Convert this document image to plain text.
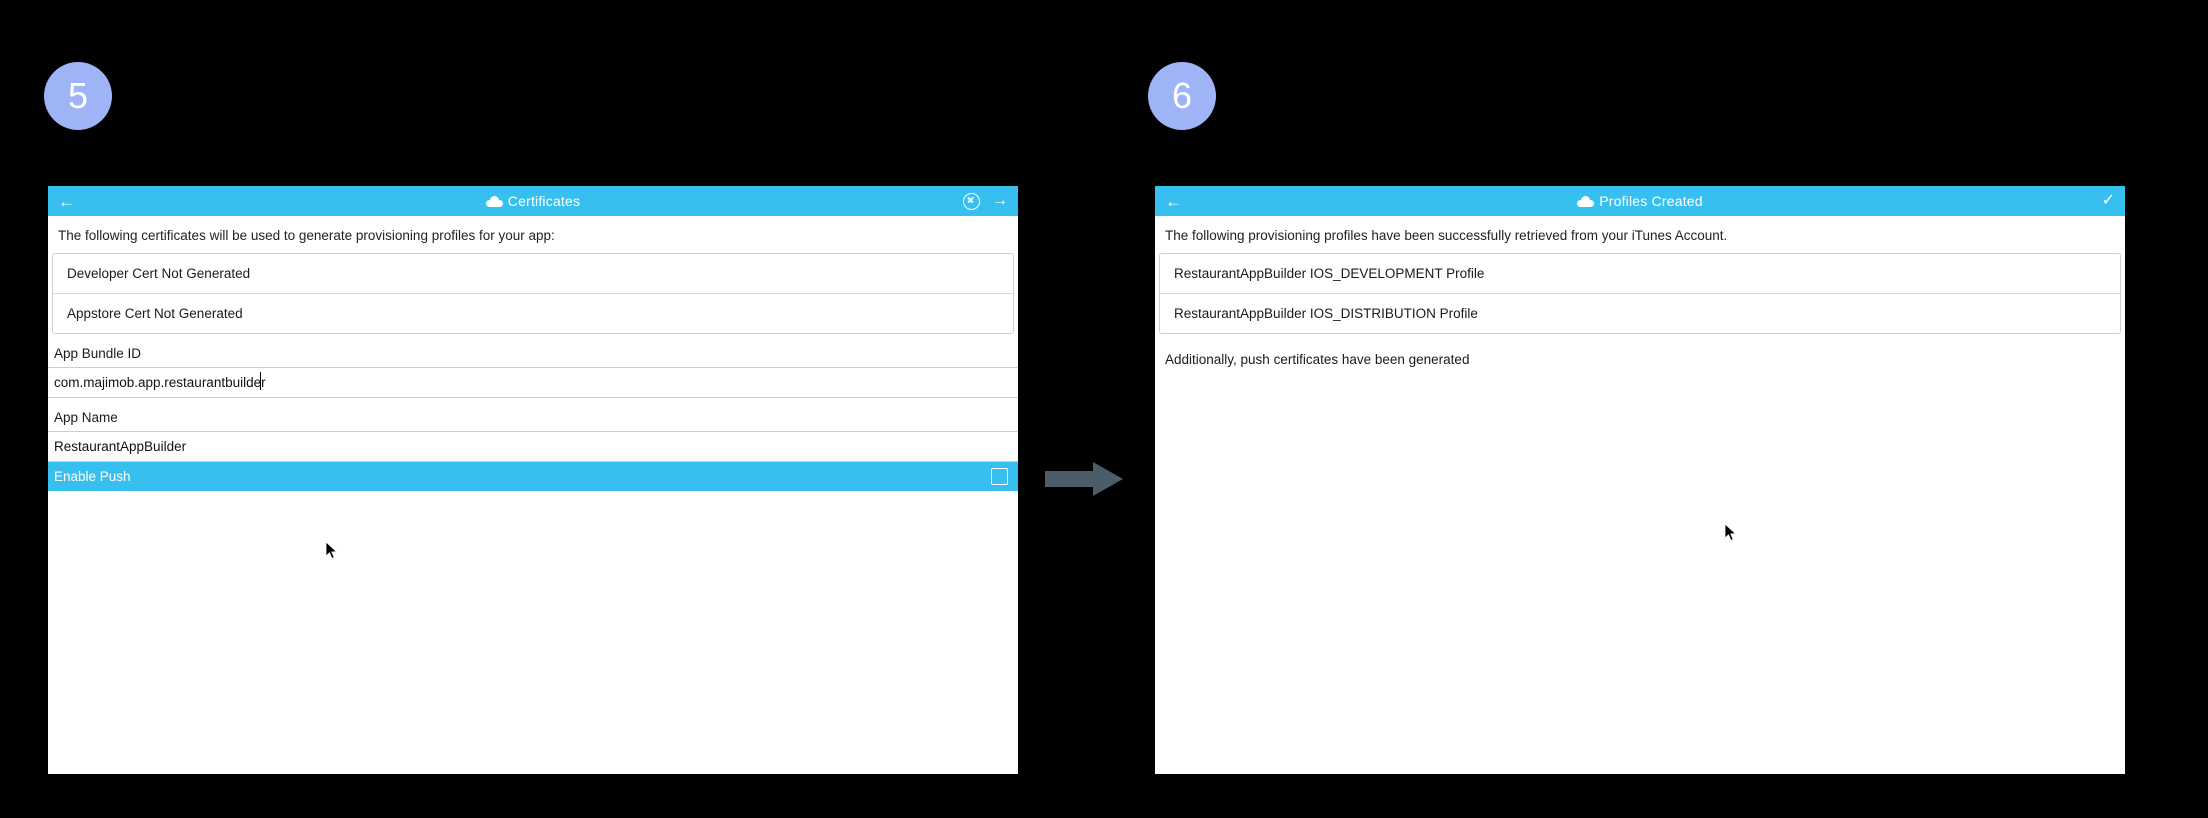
5	6
←	Certificates	→
The following certificates will be used to generate provisioning profiles for your app:
Developer Cert Not Generated
Appstore Cert Not Generated
App Bundle ID
com.majimob.app.restaurantbuilder
App Name
RestaurantAppBuilder
Enable Push
←	Profiles Created	✓
The following provisioning profiles have been successfully retrieved from your iTunes Account.
RestaurantAppBuilder IOS_DEVELOPMENT Profile
RestaurantAppBuilder IOS_DISTRIBUTION Profile
Additionally, push certificates have been generated
